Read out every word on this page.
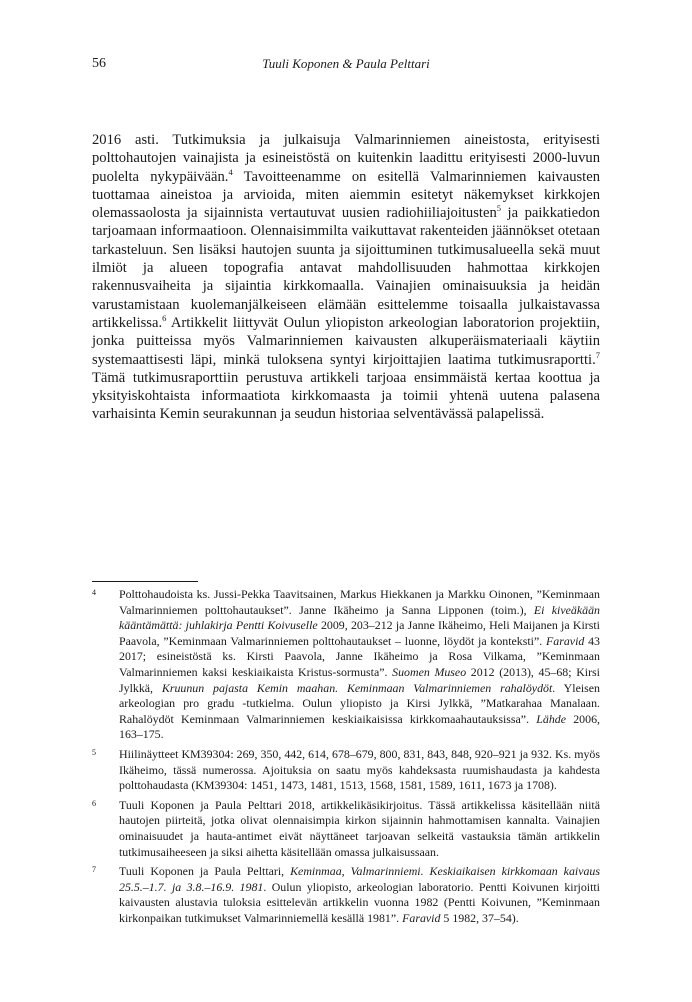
56	Tuuli Koponen & Paula Pelttari

2016 asti. Tutkimuksia ja julkaisuja Valmarinniemen aineistosta, erityisesti polttohautojen vainajista ja esineistöstä on kuitenkin laadittu erityisesti 2000-luvun puolelta nykypäivään.$^4$ Tavoitteenamme on esitellä Valmarinniemen kaivausten tuottamaa aineistoa ja arvioida, miten aiemmin esitetyt näkemykset kirkkojen olemassaolosta ja sijainnista vertautuvat uusien radiohiiliajoitusten$^5$ ja paikkatiedon tarjoamaan informaatioon. Olennaisimmilta vaikuttavat rakenteiden jäännökset otetaan tarkasteluun. Sen lisäksi hautojen suunta ja sijoittuminen tutkimusalueella sekä muut ilmiöt ja alueen topografia antavat mahdollisuuden hahmottaa kirkkojen rakennusvaiheita ja sijaintia kirkkomaalla. Vainajien ominaisuuksia ja heidän varustamistaan kuolemanjälkeiseen elämään esittelemme toisaalla julkaistavassa artikkelissa.$^6$ Artikkelit liittyvät Oulun yliopiston arkeologian laboratorion projektiin, jonka puitteissa myös Valmarinniemen kaivausten alkuperäismateriaali käytiin systemaattisesti läpi, minkä tuloksena syntyi kirjoittajien laatima tutkimusraportti.$^7$ Tämä tutkimusraporttiin perustuva artikkeli tarjoaa ensimmäistä kertaa koottua ja yksityiskohtaista informaatiota kirkkomaasta ja toimii yhtenä uutena palasena varhaisinta Kemin seurakunnan ja seudun historiaa selventävässä palapelissä.

4 Polttohaudoista ks. Jussi-Pekka Taavitsainen, Markus Hiekkanen ja Markku Oinonen, ”Keminmaan Valmarinniemen polttohautaukset”. Janne Ikäheimo ja Sanna Lipponen (toim.), Ei kiveäkään kääntämättä: juhlakirja Pentti Koivuselle 2009, 203–212 ja Janne Ikäheimo, Heli Maijanen ja Kirsti Paavola, ”Keminmaan Valmarinniemen polttohautaukset – luonne, löydöt ja konteksti”. Faravid 43 2017; esineistöstä ks. Kirsti Paavola, Janne Ikäheimo ja Rosa Vilkama, ”Keminmaan Valmarinniemen kaksi keskiaikaista Kristus-sormusta”. Suomen Museo 2012 (2013), 45–68; Kirsi Jylkkä, Kruunun pajasta Kemin maahan. Keminmaan Valmarinniemen rahalöydöt. Yleisen arkeologian pro gradu -tutkielma. Oulun yliopisto ja Kirsi Jylkkä, ”Matkarahaa Manalaan. Rahalöydöt Keminmaan Valmarinniemen keskiaikaisissa kirkkomaahautauksissa”. Lähde 2006, 163–175.
5 Hiilinäytteet KM39304: 269, 350, 442, 614, 678–679, 800, 831, 843, 848, 920–921 ja 932. Ks. myös Ikäheimo, tässä numerossa. Ajoituksia on saatu myös kahdeksasta ruumishaudasta ja kahdesta polttohaudasta (KM39304: 1451, 1473, 1481, 1513, 1568, 1581, 1589, 1611, 1673 ja 1708).
6 Tuuli Koponen ja Paula Pelttari 2018, artikkelikäsikirjoitus. Tässä artikkelissa käsitellään niitä hautojen piirteitä, jotka olivat olennaisimpia kirkon sijainnin hahmottamisen kannalta. Vainajien ominaisuudet ja hauta-antimet eivät näyttäneet tarjoavan selkeitä vastauksia tämän artikkelin tutkimusaiheeseen ja siksi aihetta käsitellään omassa julkaisussaan.
7 Tuuli Koponen ja Paula Pelttari, Keminmaa, Valmarinniemi. Keskiaikaisen kirkkomaan kaivaus 25.5.–1.7. ja 3.8.–16.9. 1981. Oulun yliopisto, arkeologian laboratorio. Pentti Koivunen kirjoitti kaivausten alustavia tuloksia esittelevän artikkelin vuonna 1982 (Pentti Koivunen, ”Keminmaan kirkonpaikan tutkimukset Valmarinniemellä kesällä 1981”. Faravid 5 1982, 37–54).
